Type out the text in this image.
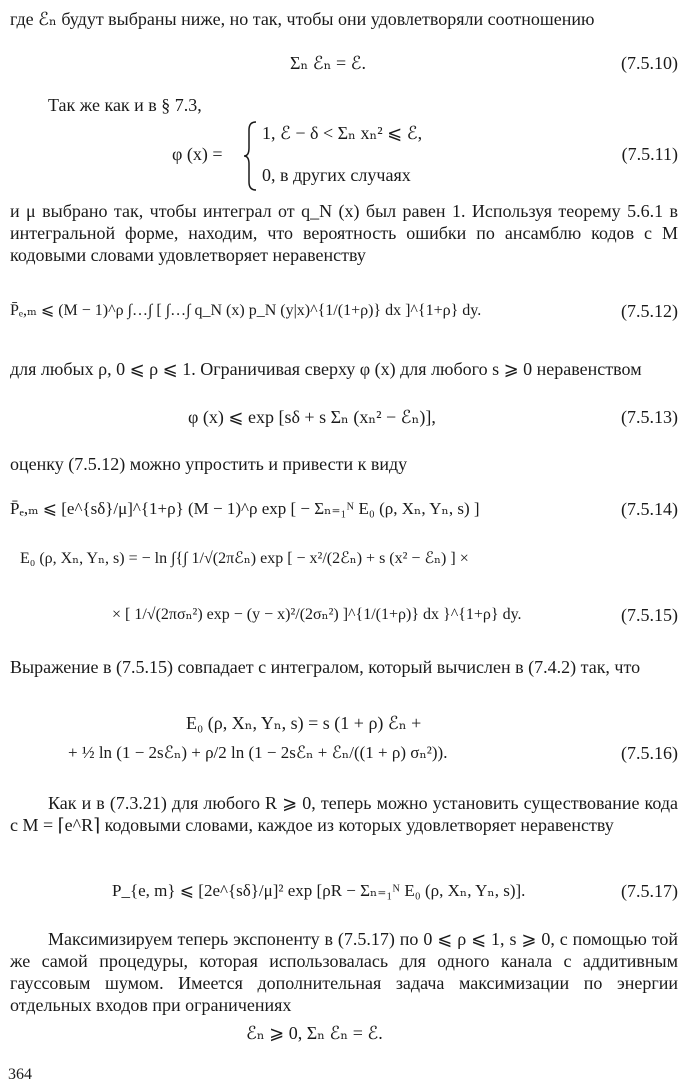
где ℰₙ будут выбраны ниже, но так, чтобы они удовлетворяли соотношению
Σₙ ℰₙ = ℰ.	(7.5.10)
Так же как и в § 7.3,
φ (x) =
1, ℰ − δ < Σₙ xₙ² ⩽ ℰ,
0, в других случаях
(7.5.11)
и μ выбрано так, чтобы интеграл от q_N (x) был равен 1. Используя теорему 5.6.1 в интегральной форме, находим, что вероятность ошибки по ансамблю кодов с M кодовыми словами удовлетворяет неравенству
P̄ₑ,ₘ ⩽ (M − 1)^ρ ∫…∫ [ ∫…∫ q_N (x) p_N (y|x)^{1/(1+ρ)} dx ]^{1+ρ} dy.	(7.5.12)
для любых ρ, 0 ⩽ ρ ⩽ 1. Ограничивая сверху φ (x) для любого s ⩾ 0 неравенством
φ (x) ⩽ exp [sδ + s Σₙ (xₙ² − ℰₙ)],	(7.5.13)
оценку (7.5.12) можно упростить и привести к виду
P̄ₑ,ₘ ⩽ [e^{sδ}/μ]^{1+ρ} (M − 1)^ρ exp [ − Σₙ₌₁ᴺ E₀ (ρ, Xₙ, Yₙ, s) ]	(7.5.14)
E₀ (ρ, Xₙ, Yₙ, s) = − ln ∫{∫ 1/√(2πℰₙ) exp [ − x²/(2ℰₙ) + s (x² − ℰₙ) ] ×
× [ 1/√(2πσₙ²) exp − (y − x)²/(2σₙ²) ]^{1/(1+ρ)} dx }^{1+ρ} dy.	(7.5.15)
Выражение в (7.5.15) совпадает с интегралом, который вычислен в (7.4.2) так, что
E₀ (ρ, Xₙ, Yₙ, s) = s (1 + ρ) ℰₙ +
+ ½ ln (1 − 2sℰₙ) + ρ/2 ln (1 − 2sℰₙ + ℰₙ/((1 + ρ) σₙ²)).	(7.5.16)
Как и в (7.3.21) для любого R ⩾ 0, теперь можно установить существование кода с M = ⌈e^R⌉ кодовыми словами, каждое из которых удовлетворяет неравенству
P_{e, m} ⩽ [2e^{sδ}/μ]² exp [ρR − Σₙ₌₁ᴺ E₀ (ρ, Xₙ, Yₙ, s)].	(7.5.17)
Максимизируем теперь экспоненту в (7.5.17) по 0 ⩽ ρ ⩽ 1, s ⩾ 0, с помощью той же самой процедуры, которая использовалась для одного канала с аддитивным гауссовым шумом. Имеется дополнительная задача максимизации по энергии отдельных входов при ограничениях
ℰₙ ⩾ 0, Σₙ ℰₙ = ℰ.
364
